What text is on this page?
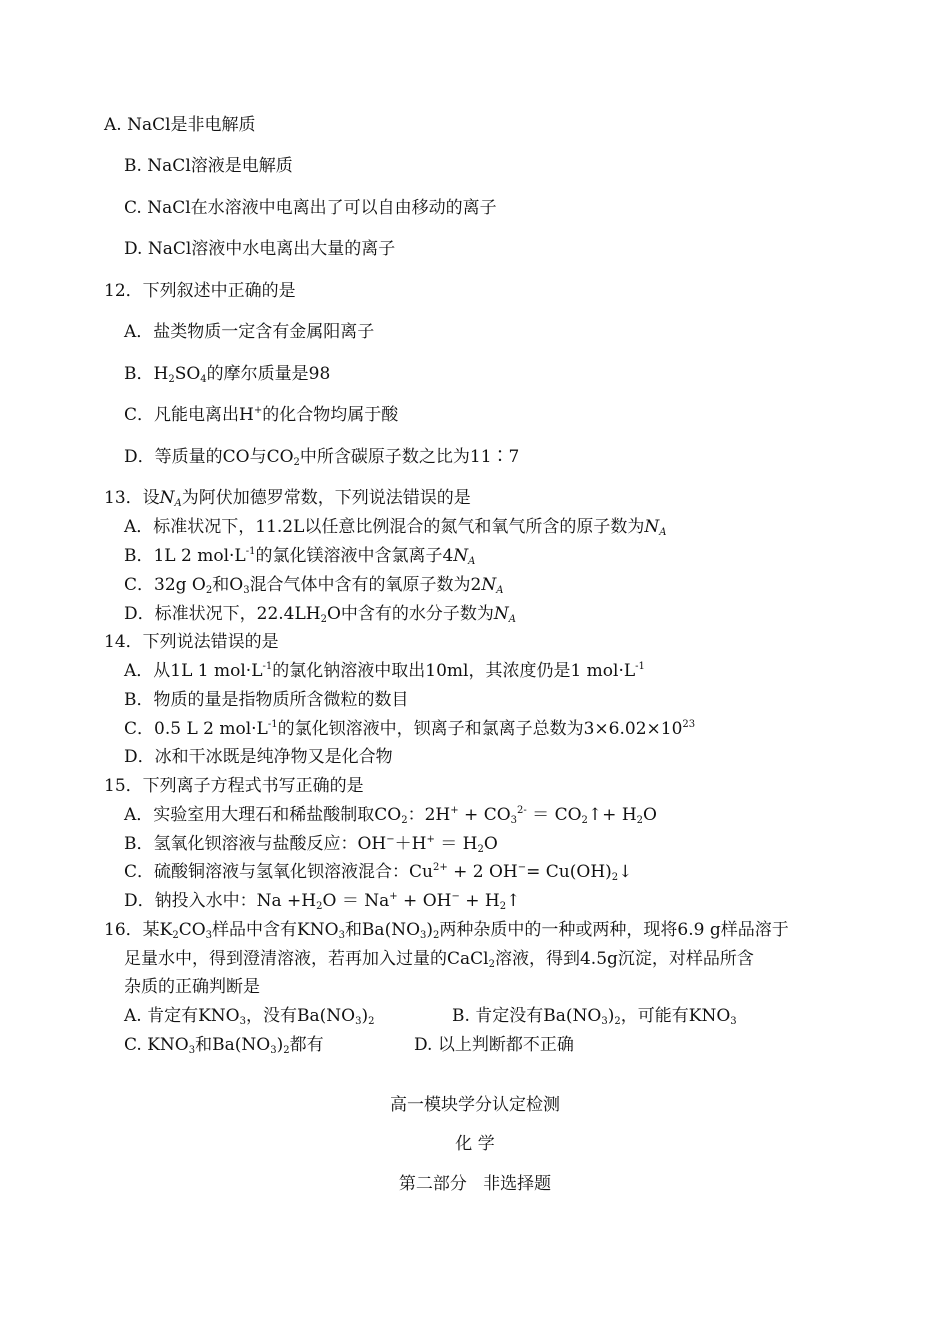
A. NaCl是非电解质
B. NaCl溶液是电解质
C. NaCl在水溶液中电离出了可以自由移动的离子
D. NaCl溶液中水电离出大量的离子
12．下列叙述中正确的是
A．盐类物质一定含有金属阳离子
B．$H_2SO_4$的摩尔质量是98
C．凡能电离出H+的化合物均属于酸
D．等质量的CO与$CO_2$中所含碳原子数之比为11∶7
13．设$N_A$为阿伏加德罗常数，下列说法错误的是
A．标准状况下，11.2L以任意比例混合的氮气和氧气所含的原子数为$N_A$
B．1L 2 $mol\cdot L^{-1}$的氯化镁溶液中含氯离子$4N_A$
C．32g $O_2$和$O_3$混合气体中含有的氧原子数为$2N_A$
D．标准状况下，$22.4LH_2O$中含有的水分子数为$N_A$
14．下列说法错误的是
A．从1L 1 $mol\cdot L^{-1}$的氯化钠溶液中取出10ml，其浓度仍是1 $mol\cdot L^{-1}$
B．物质的量是指物质所含微粒的数目
C．0.5 L 2 $mol\cdot L^{-1}$的氯化钡溶液中，钡离子和氯离子总数为$3\times 6.02\times 10^{23}$
D．冰和干冰既是纯净物又是化合物
15．下列离子方程式书写正确的是
A．实验室用大理石和稀盐酸制取$CO_2$：$2H^+ + CO_3^{2-}$ ＝ $CO_2↑+ H_2O$
B．氢氧化钡溶液与盐酸反应：$OH^-+H^+ = H_2O$
C．硫酸铜溶液与氢氧化钡溶液混合：$Cu^{2+} + 2$ $OH^-= Cu(OH)_2↓$
D．钠投入水中：$Na +H_2O = Na^+ + OH^-$ + $H_2↑$
16．某$K_2CO_3$样品中含有$KNO_3$和$Ba(NO_3)_2$两种杂质中的一种或两种，现将6.9 g样品溶于
足量水中，得到澄清溶液，若再加入过量的CaCl$_2$溶液，得到4.5g沉淀，对样品所含
杂质的正确判断是
A. 肯定有$KNO_3$，没有$Ba(NO_3)_2$	B. 肯定没有$Ba(NO_3)_2$，可能有$KNO_3$
C. $KNO_3$和$Ba(NO_3)_2$都有	D. 以上判断都不正确
高一模块学分认定检测
化 学
第二部分   非选择题
